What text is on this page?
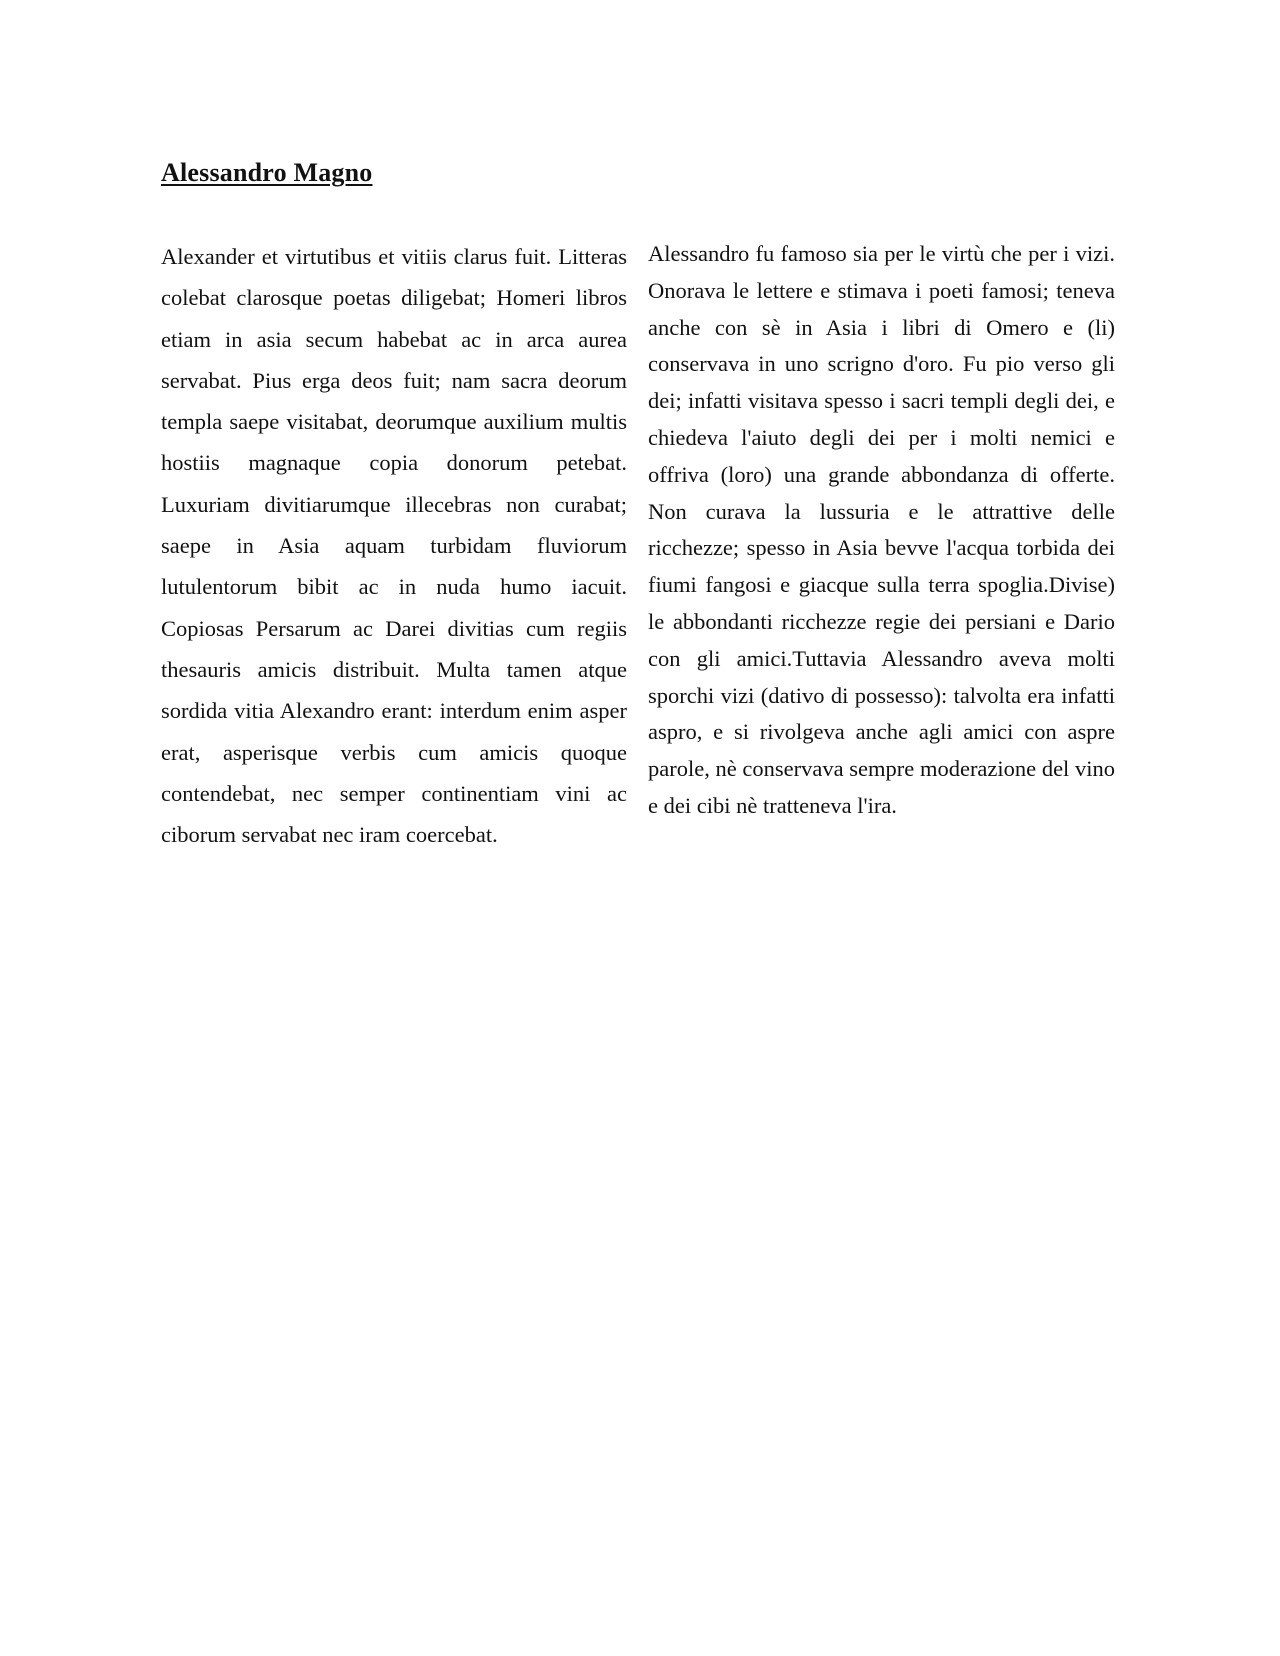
Alessandro Magno

Alexander et virtutibus et vitiis clarus fuit. Litteras colebat clarosque poetas diligebat; Homeri libros etiam in asia secum habebat ac in arca aurea servabat. Pius erga deos fuit; nam sacra deorum templa saepe visitabat, deorumque auxilium multis hostiis magnaque copia donorum petebat. Luxuriam divitiarumque illecebras non curabat; saepe in Asia aquam turbidam fluviorum lutulentorum bibit ac in nuda humo iacuit. Copiosas Persarum ac Darei divitias cum regiis thesauris amicis distribuit. Multa tamen atque sordida vitia Alexandro erant: interdum enim asper erat, asperisque verbis cum amicis quoque contendebat, nec semper continentiam vini ac ciborum servabat nec iram coercebat.

Alessandro fu famoso sia per le virtù che per i vizi. Onorava le lettere e stimava i poeti famosi; teneva anche con sè in Asia i libri di Omero e (li) conservava in uno scrigno d'oro. Fu pio verso gli dei; infatti visitava spesso i sacri templi degli dei, e chiedeva l'aiuto degli dei per i molti nemici e offriva (loro) una grande abbondanza di offerte. Non curava la lussuria e le attrattive delle ricchezze; spesso in Asia bevve l'acqua torbida dei fiumi fangosi e giacque sulla terra spoglia.Divise) le abbondanti ricchezze regie dei persiani e Dario con gli amici.Tuttavia Alessandro aveva molti sporchi vizi (dativo di possesso): talvolta era infatti aspro, e si rivolgeva anche agli amici con aspre parole, nè conservava sempre moderazione del vino e dei cibi nè tratteneva l'ira.
